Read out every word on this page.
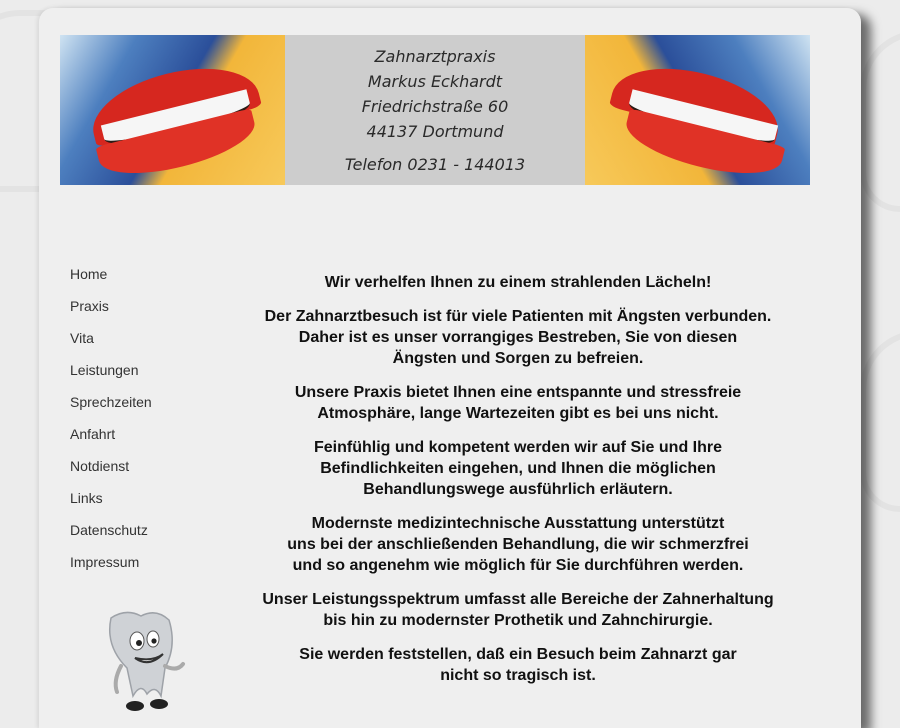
Zahnarztpraxis
Markus Eckhardt
Friedrichstraße 60
44137 Dortmund
Telefon 0231 - 144013
Home
Praxis
Vita
Leistungen
Sprechzeiten
Anfahrt
Notdienst
Links
Datenschutz
Impressum

Wir verhelfen Ihnen zu einem strahlenden Lächeln!

Der Zahnarztbesuch ist für viele Patienten mit Ängsten verbunden.
Daher ist es unser vorrangiges Bestreben, Sie von diesen
Ängsten und Sorgen zu befreien.

Unsere Praxis bietet Ihnen eine entspannte und stressfreie
Atmosphäre, lange Wartezeiten gibt es bei uns nicht.

Feinfühlig und kompetent werden wir auf Sie und Ihre
Befindlichkeiten eingehen, und Ihnen die möglichen
Behandlungswege ausführlich erläutern.

Modernste medizintechnische Ausstattung unterstützt
uns bei der anschließenden Behandlung, die wir schmerzfrei
und so angenehm wie möglich für Sie durchführen werden.

Unser Leistungsspektrum umfasst alle Bereiche der Zahnerhaltung
bis hin zu modernster Prothetik und Zahnchirurgie.

Sie werden feststellen, daß ein Besuch beim Zahnarzt gar
nicht so tragisch ist.
